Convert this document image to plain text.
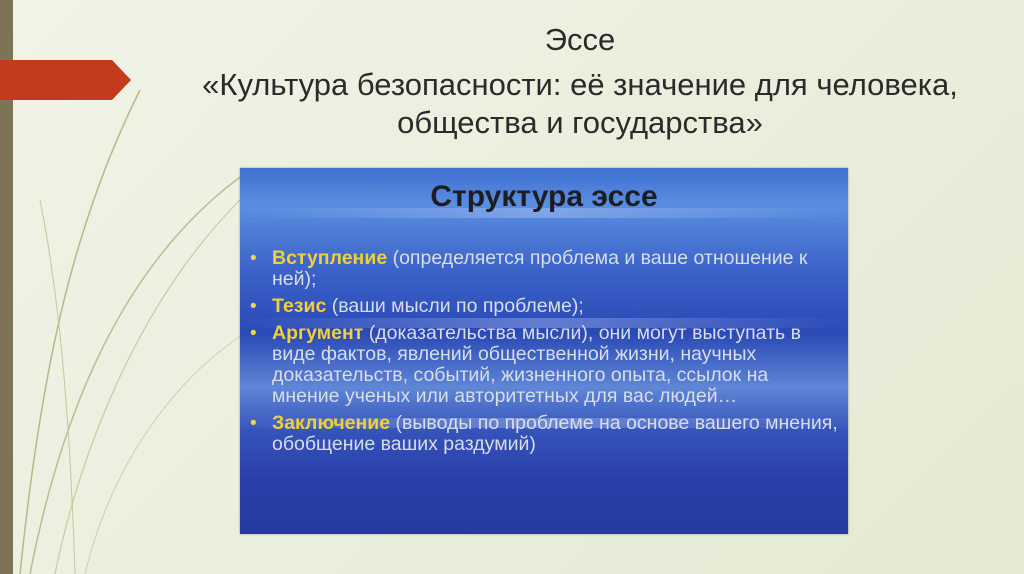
Эссе

«Культура безопасности: её значение для человека, общества и государства»

Структура эссе
• Вступление (определяется проблема и ваше отношение к ней);
• Тезис (ваши мысли по проблеме);
• Аргумент (доказательства мысли), они могут выступать в виде фактов, явлений общественной жизни, научных доказательств, событий, жизненного опыта, ссылок на мнение ученых или авторитетных для вас людей…
• Заключение (выводы по проблеме на основе вашего мнения, обобщение ваших раздумий)
